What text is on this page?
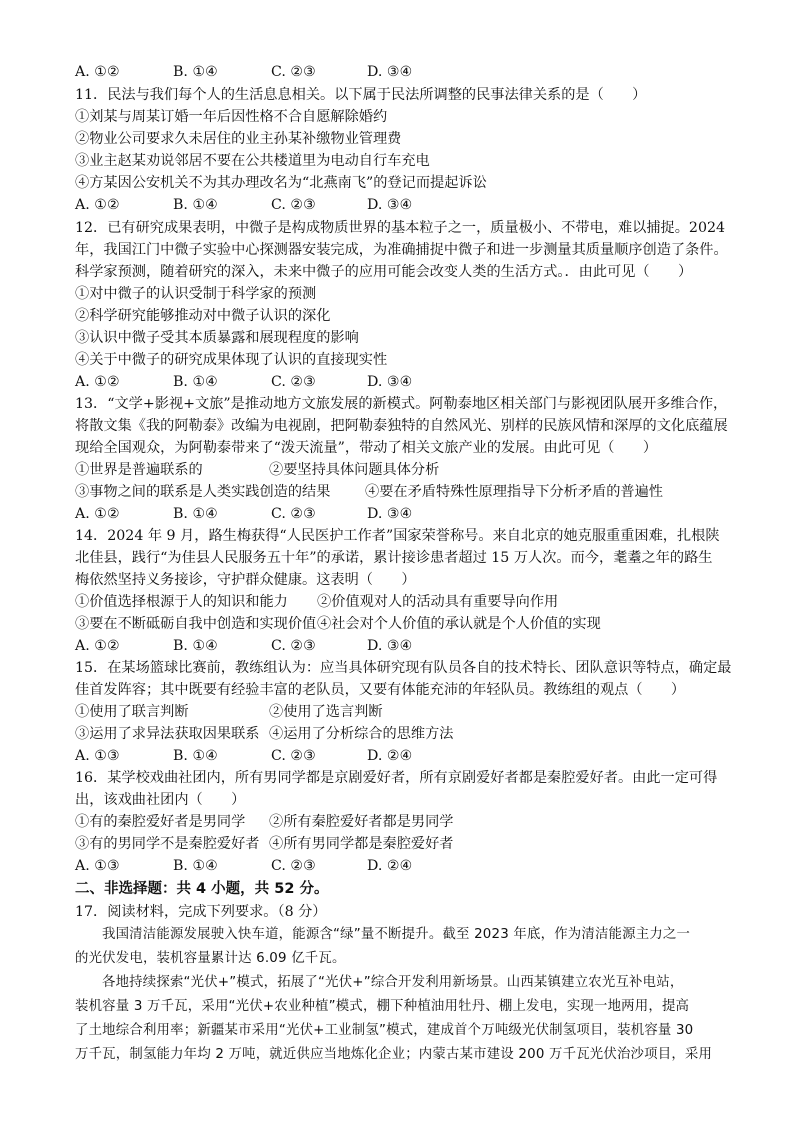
A. ①②	B. ①④	C. ②③	D. ③④
11．民法与我们每个人的生活息息相关。以下属于民法所调整的民事法律关系的是（　　）
①刘某与周某订婚一年后因性格不合自愿解除婚约
②物业公司要求久未居住的业主孙某补缴物业管理费
③业主赵某劝说邻居不要在公共楼道里为电动自行车充电
④方某因公安机关不为其办理改名为“北燕南飞”的登记而提起诉讼
A. ①②	B. ①④	C. ②③	D. ③④
12．已有研究成果表明，中微子是构成物质世界的基本粒子之一，质量极小、不带电，难以捕捉。2024
年，我国江门中微子实验中心探测器安装完成，为准确捕捉中微子和进一步测量其质量顺序创造了条件。
科学家预测，随着研究的深入，未来中微子的应用可能会改变人类的生活方式。．由此可见（　　）
①对中微子的认识受制于科学家的预测
②科学研究能够推动对中微子认识的深化
③认识中微子受其本质暴露和展现程度的影响
④关于中微子的研究成果体现了认识的直接现实性
A. ①②	B. ①④	C. ②③	D. ③④
13．“文学+影视+文旅”是推动地方文旅发展的新模式。阿勒泰地区相关部门与影视团队展开多维合作，
将散文集《我的阿勒泰》改编为电视剧，把阿勒泰独特的自然风光、别样的民族风情和深厚的文化底蕴展
现给全国观众，为阿勒泰带来了“泼天流量”，带动了相关文旅产业的发展。由此可见（　　）
①世界是普遍联系的	②要坚持具体问题具体分析
③事物之间的联系是人类实践创造的结果 ④要在矛盾特殊性原理指导下分析矛盾的普遍性
A. ①②	B. ①④	C. ②③	D. ③④
14．2024 年 9 月，路生梅获得“人民医护工作者”国家荣誉称号。来自北京的她克服重重困难，扎根陕
北佳县，践行“为佳县人民服务五十年”的承诺，累计接诊患者超过 15 万人次。而今，耄耋之年的路生
梅依然坚持义务接诊，守护群众健康。这表明（　　）
①价值选择根源于人的知识和能力 ②价值观对人的活动具有重要导向作用
③要在不断砥砺自我中创造和实现价值 ④社会对个人价值的承认就是个人价值的实现
A. ①②	B. ①④	C. ②③	D. ③④
15．在某场篮球比赛前，教练组认为：应当具体研究现有队员各自的技术特长、团队意识等特点，确定最
佳首发阵容；其中既要有经验丰富的老队员，又要有体能充沛的年轻队员。教练组的观点（　　）
①使用了联言判断	②使用了选言判断
③运用了求异法获取因果联系 ④运用了分析综合的思维方法
A. ①③	B. ①④	C. ②③	D. ②④
16．某学校戏曲社团内，所有男同学都是京剧爱好者，所有京剧爱好者都是秦腔爱好者。由此一定可得
出，该戏曲社团内（　　）
①有的秦腔爱好者是男同学 ②所有秦腔爱好者都是男同学
③有的男同学不是秦腔爱好者 ④所有男同学都是秦腔爱好者
A. ①③	B. ①④	C. ②③	D. ②④
二、非选择题：共 4 小题，共 52 分。
17．阅读材料，完成下列要求。（8 分）
我国清洁能源发展驶入快车道，能源含“绿”量不断提升。截至 2023 年底，作为清洁能源主力之一
的光伏发电，装机容量累计达 6.09 亿千瓦。
各地持续探索“光伏+”模式，拓展了“光伏+”综合开发利用新场景。山西某镇建立农光互补电站，
装机容量 3 万千瓦，采用“光伏+农业种植”模式，棚下种植油用牡丹、棚上发电，实现一地两用，提高
了土地综合利用率；新疆某市采用“光伏+工业制氢”模式，建成首个万吨级光伏制氢项目，装机容量 30
万千瓦，制氢能力年均 2 万吨，就近供应当地炼化企业；内蒙古某市建设 200 万千瓦光伏治沙项目，采用
